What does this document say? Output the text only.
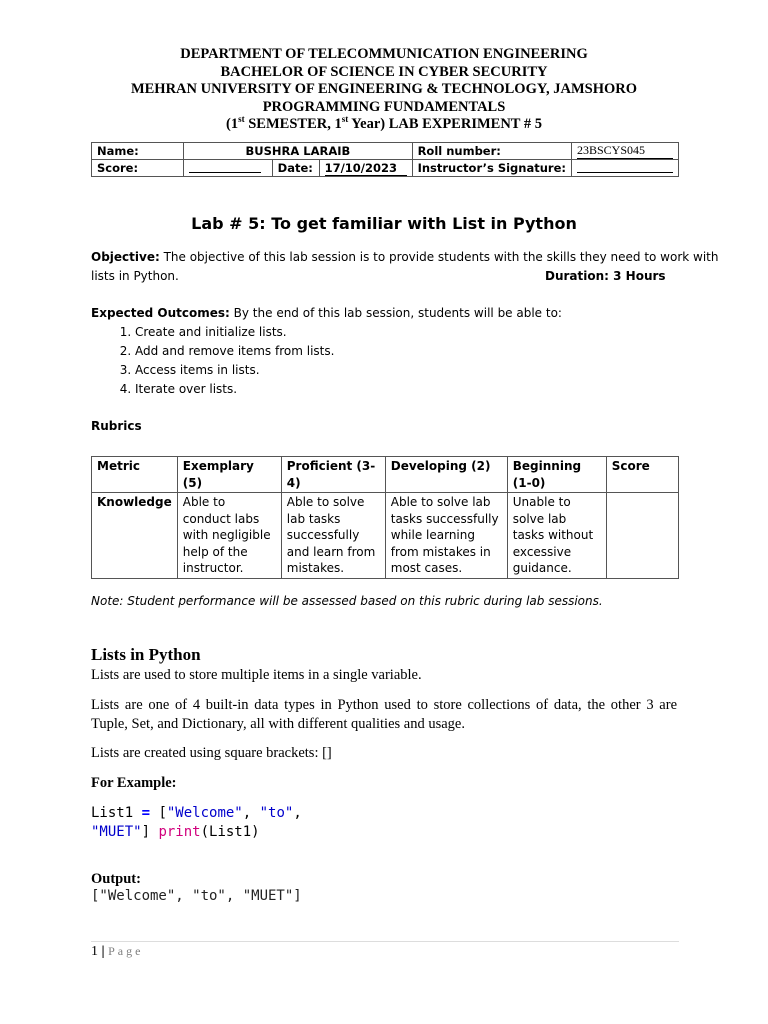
DEPARTMENT OF TELECOMMUNICATION ENGINEERING
BACHELOR OF SCIENCE IN CYBER SECURITY
MEHRAN UNIVERSITY OF ENGINEERING & TECHNOLOGY, JAMSHORO
PROGRAMMING FUNDAMENTALS
(1st SEMESTER, 1st Year) LAB EXPERIMENT # 5
Name:	BUSHRA LARAIB			Roll number:	23BSCYS045
Score:		Date:	17/10/2023	Instructor’s Signature:	
Lab # 5: To get familiar with List in Python
Objective: The objective of this lab session is to provide students with the skills they need to work with
lists in Python.	Duration: 3 Hours
Expected Outcomes: By the end of this lab session, students will be able to:
1. Create and initialize lists.
2. Add and remove items from lists.
3. Access items in lists.
4. Iterate over lists.
Rubrics
Metric	Exemplary (5)	Proficient (3-4)	Developing (2)	Beginning (1-0)	Score
Knowledge	Able to conduct labs with negligible help of the instructor.	Able to solve lab tasks successfully and learn from mistakes.	Able to solve lab tasks successfully while learning from mistakes in most cases.	Unable to solve lab tasks without excessive guidance.	
Note: Student performance will be assessed based on this rubric during lab sessions.
Lists in Python
Lists are used to store multiple items in a single variable.
Lists are one of 4 built-in data types in Python used to store collections of data, the other 3 are Tuple, Set, and Dictionary, all with different qualities and usage.
Lists are created using square brackets: []
For Example:
List1 = ["Welcome", "to",
"MUET"] print(List1)
Output:
["Welcome", "to", "MUET"]
1 | Page
